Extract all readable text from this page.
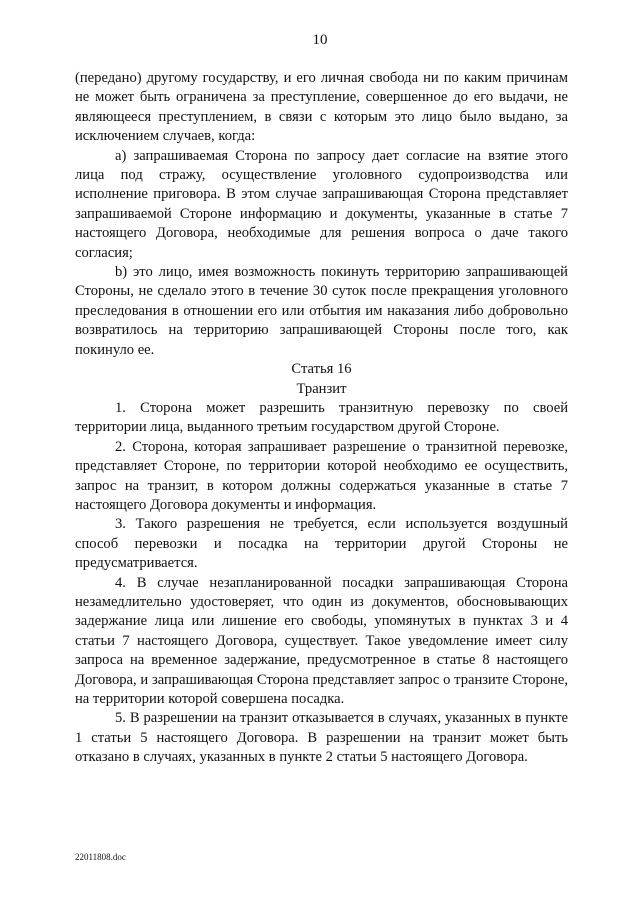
10

(передано) другому государству, и его личная свобода ни по каким причинам не может быть ограничена за преступление, совершенное до его выдачи, не являющееся преступлением, в связи с которым это лицо было выдано, за исключением случаев, когда:

а) запрашиваемая Сторона по запросу дает согласие на взятие этого лица под стражу, осуществление уголовного судопроизводства или исполнение приговора. В этом случае запрашивающая Сторона представляет запрашиваемой Стороне информацию и документы, указанные в статье 7 настоящего Договора, необходимые для решения вопроса о даче такого согласия;

b) это лицо, имея возможность покинуть территорию запрашивающей Стороны, не сделало этого в течение 30 суток после прекращения уголовного преследования в отношении его или отбытия им наказания либо добровольно возвратилось на территорию запрашивающей Стороны после того, как покинуло ее.

Статья 16

Транзит

1. Сторона может разрешить транзитную перевозку по своей территории лица, выданного третьим государством другой Стороне.

2. Сторона, которая запрашивает разрешение о транзитной перевозке, представляет Стороне, по территории которой необходимо ее осуществить, запрос на транзит, в котором должны содержаться указанные в статье 7 настоящего Договора документы и информация.

3. Такого разрешения не требуется, если используется воздушный способ перевозки и посадка на территории другой Стороны не предусматривается.

4. В случае незапланированной посадки запрашивающая Сторона незамедлительно удостоверяет, что один из документов, обосновывающих задержание лица или лишение его свободы, упомянутых в пунктах 3 и 4 статьи 7 настоящего Договора, существует. Такое уведомление имеет силу запроса на временное задержание, предусмотренное в статье 8 настоящего Договора, и запрашивающая Сторона представляет запрос о транзите Стороне, на территории которой совершена посадка.

5. В разрешении на транзит отказывается в случаях, указанных в пункте 1 статьи 5 настоящего Договора. В разрешении на транзит может быть отказано в случаях, указанных в пункте 2 статьи 5 настоящего Договора.

22011808.doc
